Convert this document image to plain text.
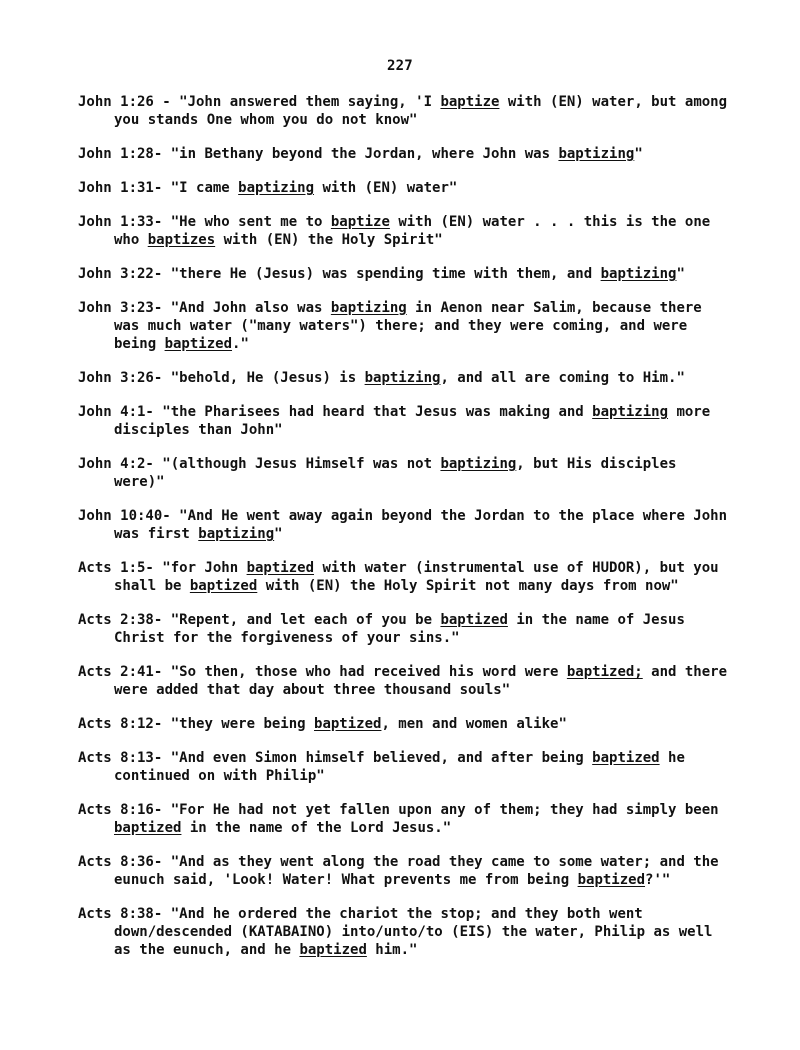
227
John 1:26 - "John answered them saying, 'I baptize with (EN) water, but among you stands One whom you do not know"
John 1:28- "in Bethany beyond the Jordan, where John was baptizing"
John 1:31- "I came baptizing with (EN) water"
John 1:33- "He who sent me to baptize with (EN) water . . . this is the one who baptizes with (EN) the Holy Spirit"
John 3:22- "there He (Jesus) was spending time with them, and baptizing"
John 3:23- "And John also was baptizing in Aenon near Salim, because there was much water ("many waters") there; and they were coming, and were being baptized."
John 3:26- "behold, He (Jesus) is baptizing, and all are coming to Him."
John 4:1- "the Pharisees had heard that Jesus was making and baptizing more disciples than John"
John 4:2- "(although Jesus Himself was not baptizing, but His disciples were)"
John 10:40- "And He went away again beyond the Jordan to the place where John was first baptizing"
Acts 1:5- "for John baptized with water (instrumental use of HUDOR), but you shall be baptized with (EN) the Holy Spirit not many days from now"
Acts 2:38- "Repent, and let each of you be baptized in the name of Jesus Christ for the forgiveness of your sins."
Acts 2:41- "So then, those who had received his word were baptized; and there were added that day about three thousand souls"
Acts 8:12- "they were being baptized, men and women alike"
Acts 8:13- "And even Simon himself believed, and after being baptized he continued on with Philip"
Acts 8:16- "For He had not yet fallen upon any of them; they had simply been baptized in the name of the Lord Jesus."
Acts 8:36- "And as they went along the road they came to some water; and the eunuch said, 'Look! Water! What prevents me from being baptized?'"
Acts 8:38- "And he ordered the chariot the stop; and they both went down/descended (KATABAINO) into/unto/to (EIS) the water, Philip as well as the eunuch, and he baptized him."
